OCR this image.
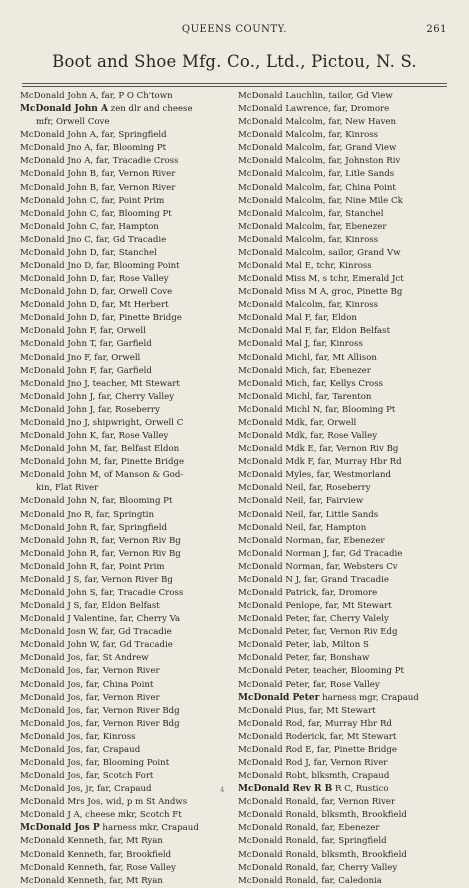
QUEENS COUNTY.	261
Boot and Shoe Mfg. Co., Ltd., Pictou, N. S.
McDonald John A, far, P O Ch'town
McDonald John A zen dlr and cheese
mfr, Orwell Cove
McDonald John A, far, Springfield
McDonald Jno A, far, Blooming Pt
McDonald Jno A, far, Tracadie Cross
McDonald John B, far, Vernon River
McDonald John B, far, Vernon River
McDonald John C, far, Point Prim
McDonald John C, far, Blooming Pt
McDonald John C, far, Hampton
McDonald Jno C, far, Gd Tracadie
McDonald John D, far, Stanchel
McDonald Jno D, far, Blooming Point
McDonald John D, far, Rose Valley
McDonald John D, far, Orwell Cove
McDonald John D, far, Mt Herbert
McDonald John D, far, Pinette Bridge
McDonald John F, far, Orwell
McDonald John T, far, Garfield
McDonald Jno F, far, Orwell
McDonald John F, far, Garfield
McDonald Jno J, teacher, Mt Stewart
McDonald John J, far, Cherry Valley
McDonald John J, far, Roseberry
McDonald Jno J, shipwright, Orwell C
McDonald John K, far, Rose Valley
McDonald John M, far, Belfast Eldon
McDonald John M, far, Pinette Bridge
McDonald John M, of Manson & God-
kin, Flat River
McDonald John N, far, Blooming Pt
McDonald Jno R, far, Springtin
McDonald John R, far, Springfield
McDonald John R, far, Vernon Riv Bg
McDonald John R, far, Vernon Riv Bg
McDonald John R, far, Point Prim
McDonald J S, far, Vernon River Bg
McDonald John S, far, Tracadie Cross
McDonald J S, far, Eldon Belfast
McDonald J Valentine, far, Cherry Va
McDonald Josn W, far, Gd Tracadie
McDonald John W, far, Gd Tracadie
McDonald Jos, far, St Andrew
McDonald Jos, far, Vernon River
McDonald Jos, far, China Point
McDonald Jos, far, Vernon River
McDonald Jos, far, Vernon River Bdg
McDonald Jos, far, Vernon River Bdg
McDonald Jos, far, Kinross
McDonald Jos, far, Crapaud
McDonald Jos, far, Blooming Point
McDonald Jos, far, Scotch Fort
McDonald Jos, jr, far, Crapaud
McDonald Mrs Jos, wid, p m St Andws
McDonald J A, cheese mkr, Scotch Ft
McDonald Jos P harness mkr, Crapaud
McDonald Kenneth, far, Mt Ryan
McDonald Kenneth, far, Brookfield
McDonald Kenneth, far, Rose Valley
McDonald Kenneth, far, Mt Ryan
McDonald Lauchlin, tailor, Gd View
McDonald Lawrence, far, Dromore
McDonald Malcolm, far, New Haven
McDonald Malcolm, far, Kinross
McDonald Malcolm, far, Grand View
McDonald Malcolm, far, Johnston Riv
McDonald Malcolm, far, Litle Sands
McDonald Malcolm, far, China Point
McDonald Malcolm, far, Nine Mile Ck
McDonald Malcolm, far, Stanchel
McDonald Malcolm, far, Ebenezer
McDonald Malcolm, far, Kinross
McDonald Malcolm, sailor, Grand Vw
McDonald Mal E, tchr, Kinross
McDonald Miss M, s tchr, Emerald Jct
McDonald Miss M A, groc, Pinette Bg
McDonald Malcolm, far, Kinross
McDonald Mal F, far, Eldon
McDonald Mal F, far, Eldon Belfast
McDonald Mal J, far, Kinross
McDonald Michl, far, Mt Allison
McDonald Mich, far, Ebenezer
McDonald Mich, far, Kellys Cross
McDonald Michl, far, Tarenton
McDonald Michl N, far, Blooming Pt
McDonald Mdk, far, Orwell
McDonald Mdk, far, Rose Valley
McDonald Mdk E, far, Vernon Riv Bg
McDonald Mdk F, far, Murray Hbr Rd
McDonald Myles, far, Westmorland
McDonald Neil, far, Roseberry
McDonald Neil, far, Fairview
McDonald Neil, far, Little Sands
McDonald Neil, far, Hampton
McDonald Norman, far, Ebenezer
McDonald Norman J, far, Gd Tracadie
McDonald Norman, far, Websters Cv
McDonald N J, far, Grand Tracadie
McDonald Patrick, far, Dromore
McDonald Penlope, far, Mt Stewart
McDonald Peter, far, Cherry Valely
McDonald Peter, far, Vernon Riv Edg
McDonald Peter, lab, Milton S
McDonald Peter, far, Bonshaw
McDonald Peter, teacher, Blooming Pt
McDonald Peter, far, Rose Valley
McDonald Peter harness mgr, Crapaud
McDonald Pius, far, Mt Stewart
McDonald Rod, far, Murray Hbr Rd
McDonald Roderick, far, Mt Stewart
McDonald Rod E, far, Pinette Bridge
McDonald Rod J, far, Vernon River
McDonald Robt, blksmth, Crapaud
McDonald Rev R B R C, Rustico
McDonald Ronald, far, Vernon River
McDonald Ronald, blksmth, Brookfield
McDonald Ronald, far, Ebenezer
McDonald Ronald, far, Springfield
McDonald Ronald, blksmth, Brookfield
McDonald Ronald, far, Cherry Valley
McDonald Ronald, far, Caledonia
4
